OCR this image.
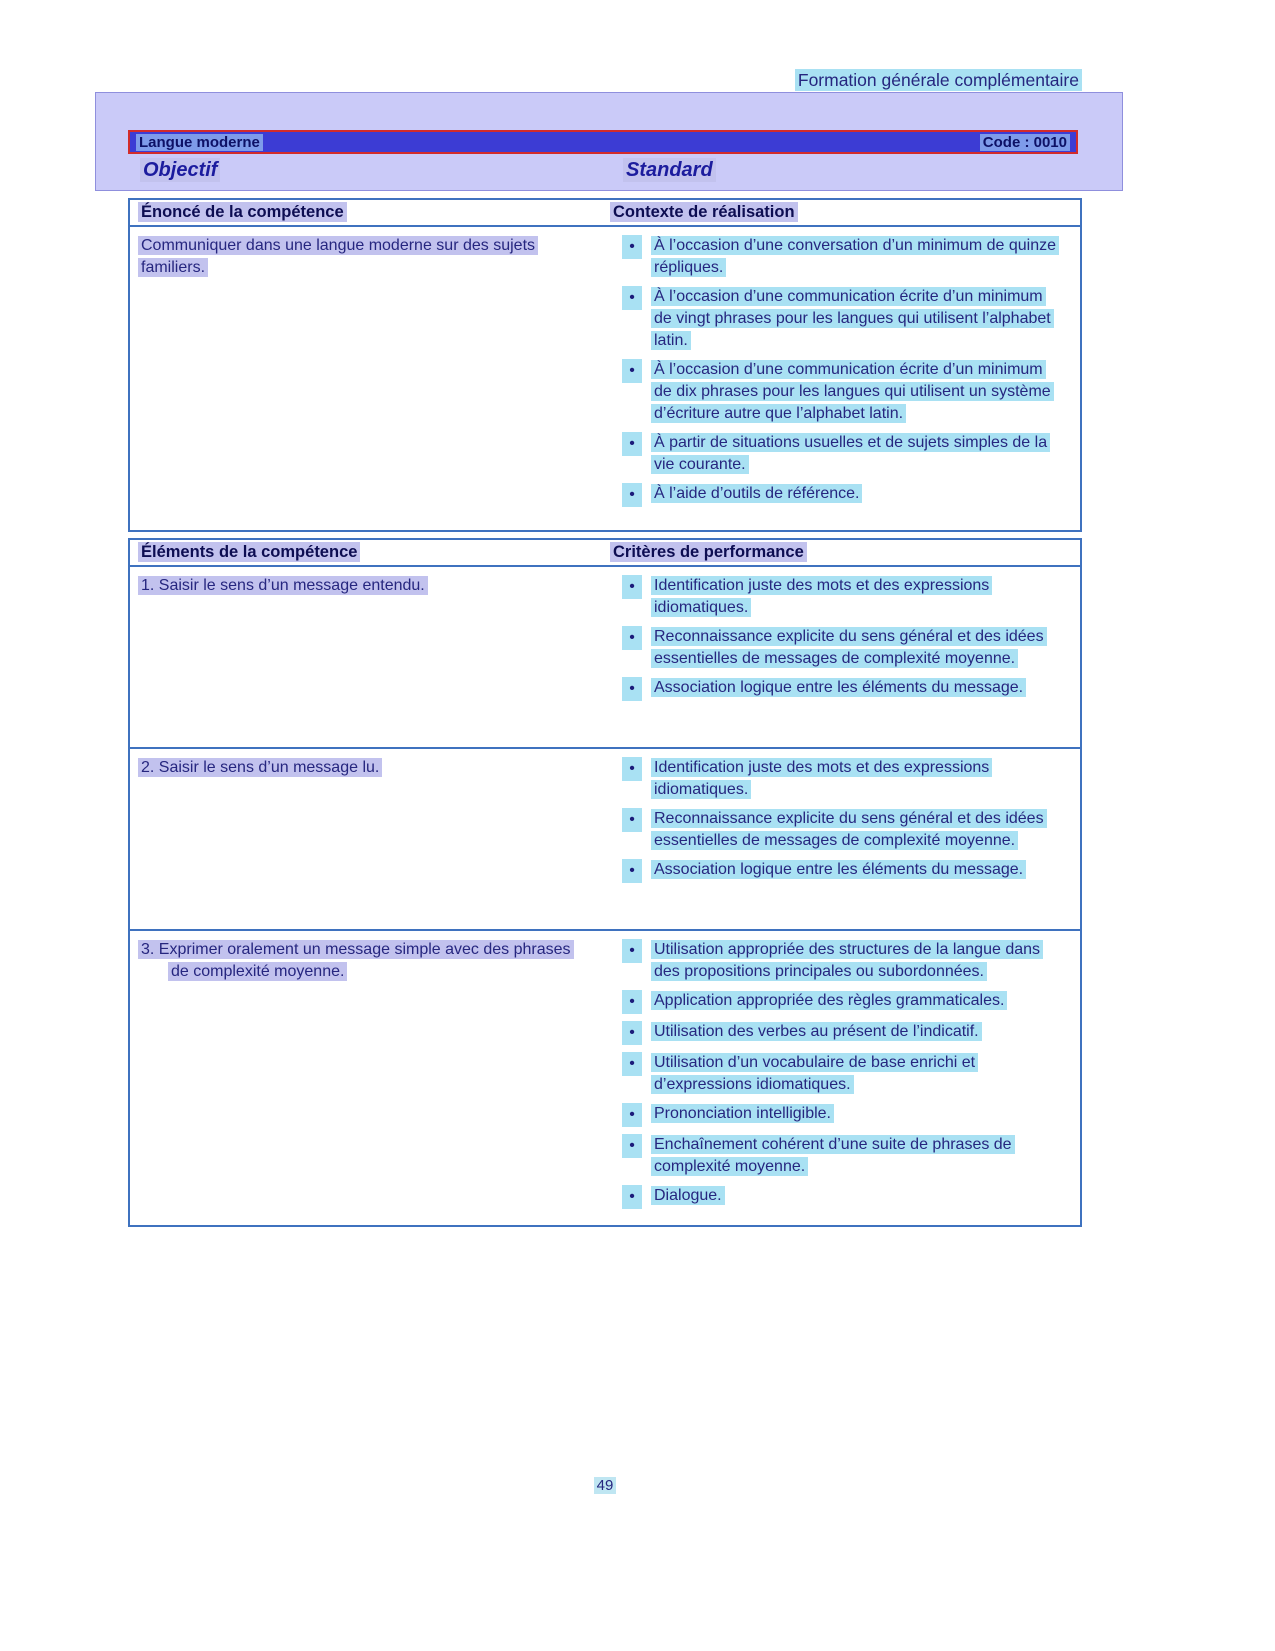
Formation générale complémentaire
Langue moderne	Code : 0010
Objectif	Standard
Énoncé de la compétence	Contexte de réalisation
Communiquer dans une langue moderne sur des sujets familiers.
•	À l’occasion d’une conversation d’un minimum de quinze répliques.
•	À l’occasion d’une communication écrite d’un minimum de vingt phrases pour les langues qui utilisent l’alphabet latin.
•	À l’occasion d’une communication écrite d’un minimum de dix phrases pour les langues qui utilisent un système d’écriture autre que l’alphabet latin.
•	À partir de situations usuelles et de sujets simples de la vie courante.
•	À l’aide d’outils de référence.
Éléments de la compétence	Critères de performance

1. Saisir le sens d’un message entendu.	•	Identification juste des mots et des expressions idiomatiques.
•	Reconnaissance explicite du sens général et des idées essentielles de messages de complexité moyenne.
•	Association logique entre les éléments du message.

2. Saisir le sens d’un message lu.	•	Identification juste des mots et des expressions idiomatiques.
•	Reconnaissance explicite du sens général et des idées essentielles de messages de complexité moyenne.
•	Association logique entre les éléments du message.

3. Exprimer oralement un message simple avec des phrases de complexité moyenne.

•	Utilisation appropriée des structures de la langue dans des propositions principales ou subordonnées.
•	Application appropriée des règles grammaticales.
•	Utilisation des verbes au présent de l’indicatif.
•	Utilisation d’un vocabulaire de base enrichi et d’expressions idiomatiques.
•	Prononciation intelligible.
•	Enchaînement cohérent d’une suite de phrases de complexité moyenne.
•	Dialogue.
49
